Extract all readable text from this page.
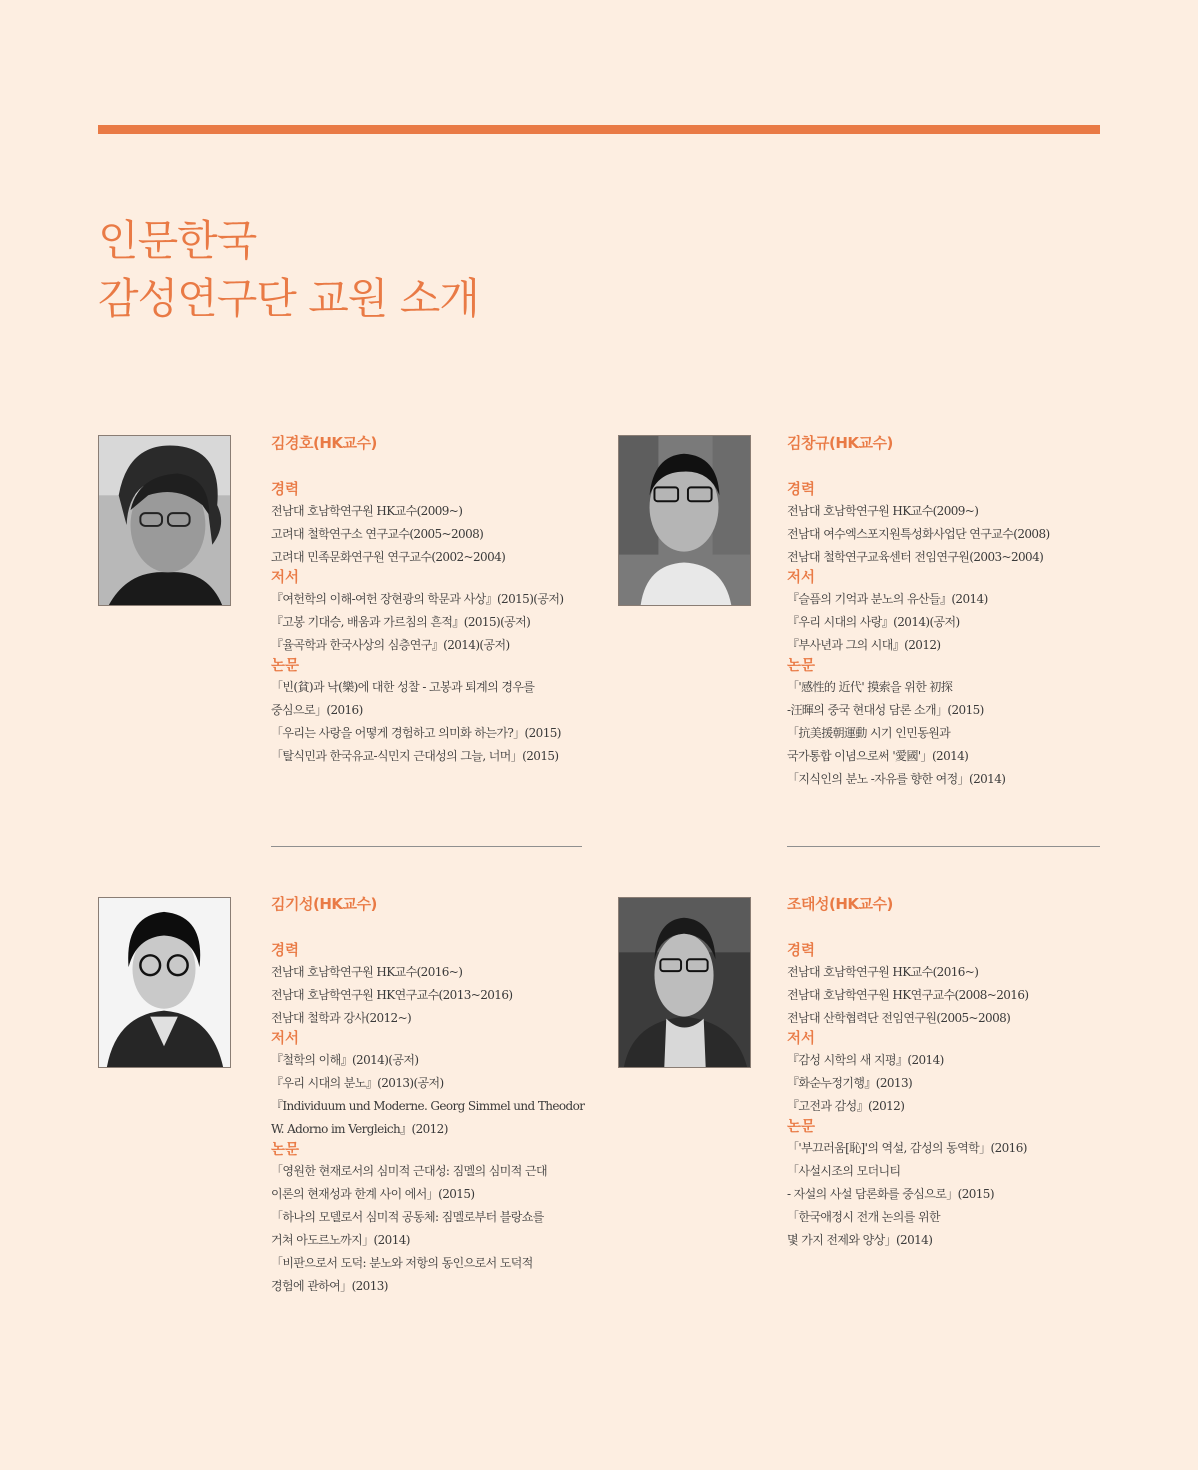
인문한국
감성연구단 교원 소개

김경호(HK교수)

경력

전남대 호남학연구원 HK교수(2009~)

고려대 철학연구소 연구교수(2005~2008)

고려대 민족문화연구원 연구교수(2002~2004)

저서

『여헌학의 이해-여헌 장현광의 학문과 사상』(2015)(공저)

『고봉 기대승, 배움과 가르침의 흔적』(2015)(공저)

『율곡학과 한국사상의 심층연구』(2014)(공저)

논문

「빈(貧)과 낙(樂)에 대한 성찰 - 고봉과 퇴계의 경우를

중심으로」(2016)

「우리는 사랑을 어떻게 경험하고 의미화 하는가?」(2015)

「탈식민과 한국유교-식민지 근대성의 그늘, 너머」(2015)

김창규(HK교수)

경력

전남대 호남학연구원 HK교수(2009~)

전남대 여수엑스포지원특성화사업단 연구교수(2008)

전남대 철학연구교육센터 전임연구원(2003~2004)

저서

『슬픔의 기억과 분노의 유산들』(2014)

『우리 시대의 사랑』(2014)(공저)

『부사년과 그의 시대』(2012)

논문

「'感性的 近代' 摸索을 위한 初探

-汪暉의 중국 현대성 담론 소개」(2015)

「抗美援朝運動 시기 인민동원과

국가통합 이념으로써 '愛國'」(2014)

「지식인의 분노 -자유를 향한 여정」(2014)

김기성(HK교수)

경력

전남대 호남학연구원 HK교수(2016~)

전남대 호남학연구원 HK연구교수(2013~2016)

전남대 철학과 강사(2012~)

저서

『철학의 이해』(2014)(공저)

『우리 시대의 분노』(2013)(공저)

『Individuum und Moderne. Georg Simmel und Theodor

W. Adorno im Vergleich』(2012)

논문

「영원한 현재로서의 심미적 근대성: 짐멜의 심미적 근대

이론의 현재성과 한계 사이 에서」(2015)

「하나의 모델로서 심미적 공동체: 짐멜로부터 블랑쇼를

거쳐 아도르노까지」(2014)

「비판으로서 도덕: 분노와 저항의 동인으로서 도덕적

경험에 관하여」(2013)

조태성(HK교수)

경력

전남대 호남학연구원 HK교수(2016~)

전남대 호남학연구원 HK연구교수(2008~2016)

전남대 산학협력단 전임연구원(2005~2008)

저서

『감성 시학의 새 지평』(2014)

『화순누정기행』(2013)

『고전과 감성』(2012)

논문

「'부끄러움[恥]'의 역설, 감성의 동역학」(2016)

「사설시조의 모더니티

- 자설의 사설 담론화를 중심으로」(2015)

「한국애정시 전개 논의를 위한

몇 가지 전제와 양상」(2014)
